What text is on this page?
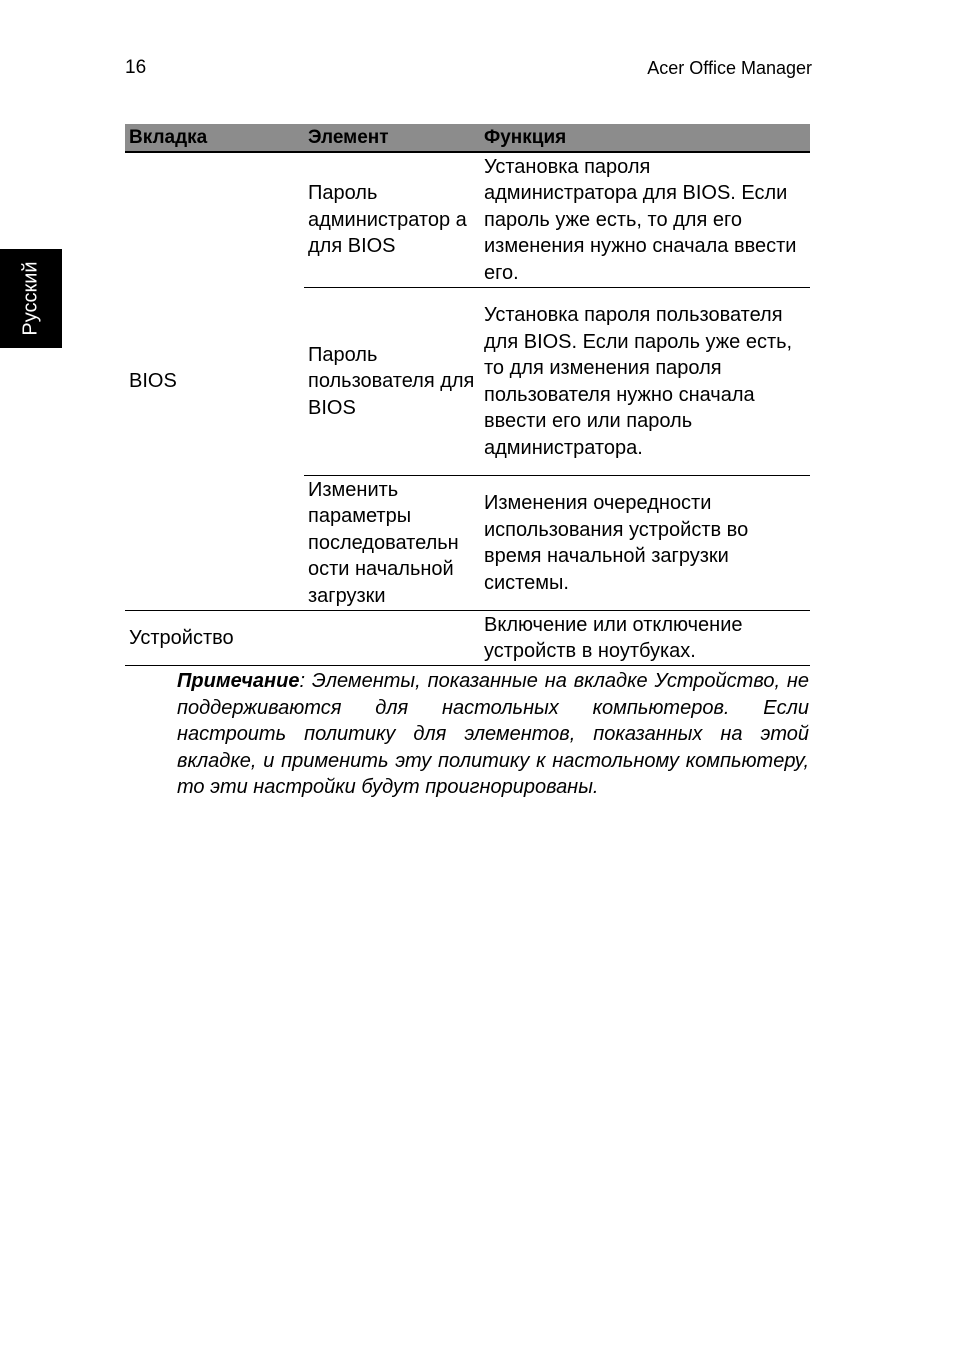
16	Acer Office Manager
Русский
Вкладка	Элемент	Функция
BIOS	Пароль администратор а для BIOS	Установка пароля администратора для BIOS. Если пароль уже есть, то для его изменения нужно сначала ввести его.
	Пароль пользователя для BIOS	Установка пароля пользователя для BIOS. Если пароль уже есть, то для изменения пароля пользователя нужно сначала ввести его или пароль администратора.
	Изменить параметры последовательн ости начальной загрузки	Изменения очередности использования устройств во время начальной загрузки системы.
Устройство		Включение или отключение устройств в ноутбуках.
Примечание: Элементы, показанные на вкладке Устройство, не поддерживаются для настольных компьютеров. Если настроить политику для элементов, показанных на этой вкладке, и применить эту политику к настольному компьютеру, то эти настройки будут проигнорированы.
